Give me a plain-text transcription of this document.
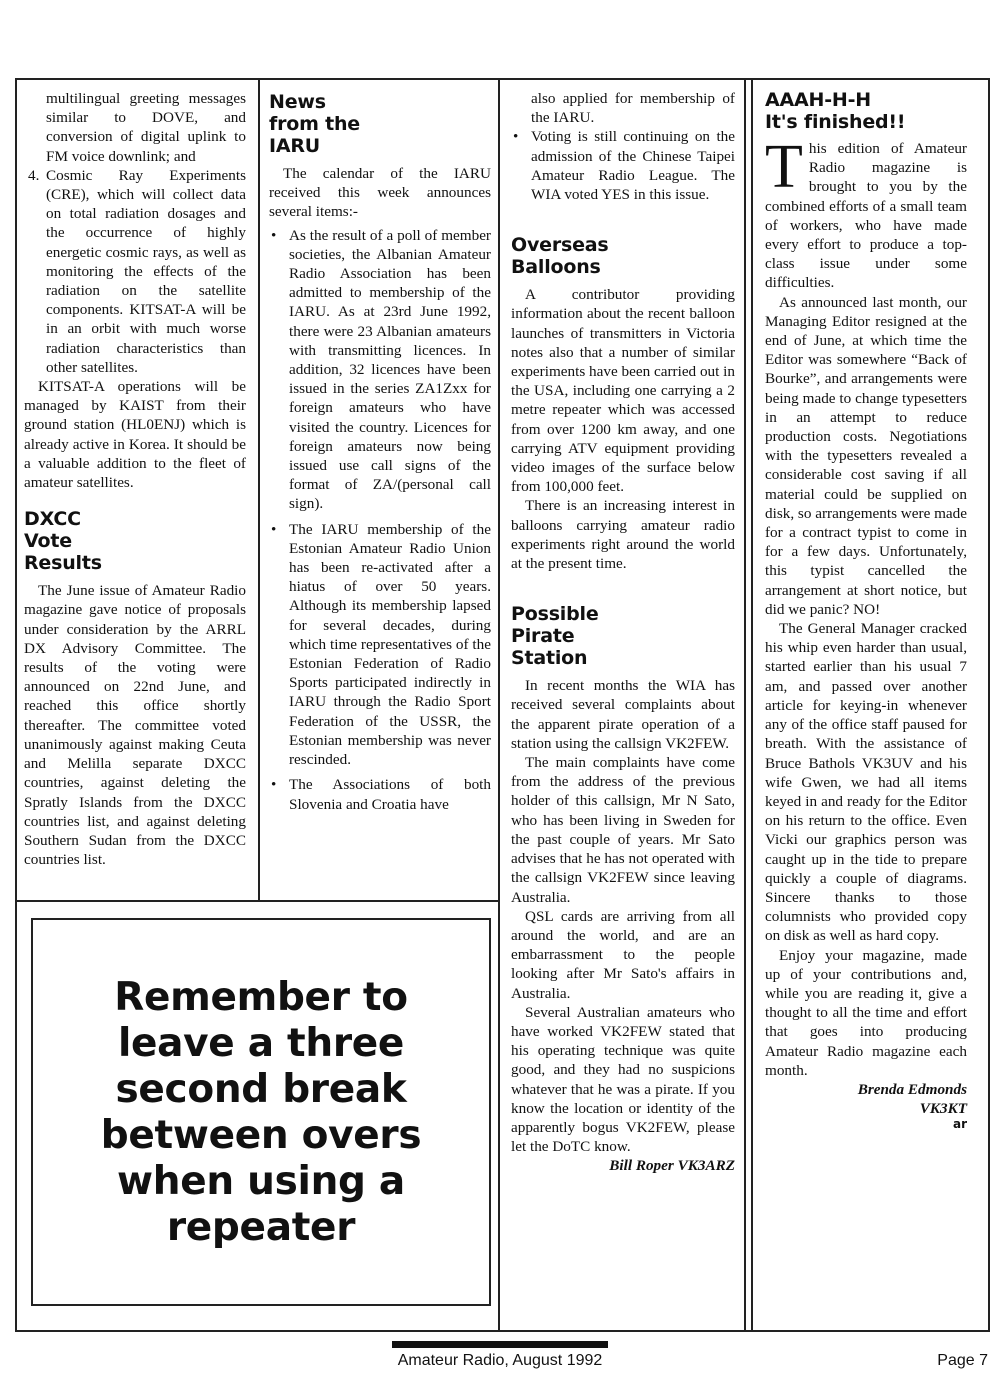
multilingual greeting messages similar to DOVE, and conversion of digital uplink to FM voice downlink; and

4. Cosmic Ray Experiments (CRE), which will collect data on total radiation dosages and the occurrence of highly energetic cosmic rays, as well as monitoring the effects of the radiation on the satellite components. KITSAT-A will be in an orbit with much worse radiation characteristics than other satellites.

KITSAT-A operations will be managed by KAIST from their ground station (HL0ENJ) which is already active in Korea. It should be a valuable addition to the fleet of amateur satellites.

DXCC
Vote
Results

The June issue of Amateur Radio magazine gave notice of proposals under consideration by the ARRL DX Advisory Committee. The results of the voting were announced on 22nd June, and reached this office shortly thereafter. The committee voted unanimously against making Ceuta and Melilla separate DXCC countries, against deleting the Spratly Islands from the DXCC countries list, and against deleting Southern Sudan from the DXCC countries list.

News
from the
IARU

The calendar of the IARU received this week announces several items:-

• As the result of a poll of member societies, the Albanian Amateur Radio Association has been admitted to membership of the IARU. As at 23rd June 1992, there were 23 Albanian amateurs with transmitting licences. In addition, 32 licences have been issued in the series ZA1Zxx for foreign amateurs who have visited the country. Licences for foreign amateurs now being issued use call signs of the format of ZA/(personal call sign).
• The IARU membership of the Estonian Amateur Radio Union has been re-activated after a hiatus of over 50 years. Although its membership lapsed for several decades, during which time representatives of the Estonian Federation of Radio Sports participated indirectly in IARU through the Radio Sport Federation of the USSR, the Estonian membership was never rescinded.
• The Associations of both Slovenia and Croatia have

also applied for membership of the IARU.

• Voting is still continuing on the admission of the Chinese Taipei Amateur Radio League. The WIA voted YES in this issue.
Overseas
Balloons

A contributor providing information about the recent balloon launches of transmitters in Victoria notes also that a number of similar experiments have been carried out in the USA, including one carrying a 2 metre repeater which was accessed from over 1200 km away, and one carrying ATV equipment providing video images of the surface below from 100,000 feet.

There is an increasing interest in balloons carrying amateur radio experiments right around the world at the present time.

Possible
Pirate
Station

In recent months the WIA has received several complaints about the apparent pirate operation of a station using the callsign VK2FEW.

The main complaints have come from the address of the previous holder of this callsign, Mr N Sato, who has been living in Sweden for the past couple of years. Mr Sato advises that he has not operated with the callsign VK2FEW since leaving Australia.

QSL cards are arriving from all around the world, and are an embarrassment to the people looking after Mr Sato's affairs in Australia.

Several Australian amateurs who have worked VK2FEW stated that his operating technique was quite good, and they had no suspicions whatever that he was a pirate. If you know the location or identity of the apparently bogus VK2FEW, please let the DoTC know.

Bill Roper VK3ARZ

AAAH-H-H
It's finished!!

T his edition of Amateur Radio magazine is brought to you by the combined efforts of a small team of workers, who have made every effort to produce a top-class issue under some difficulties.

As announced last month, our Managing Editor resigned at the end of June, at which time the Editor was somewhere “Back of Bourke”, and arrangements were being made to change typesetters in an attempt to reduce production costs. Negotiations with the typesetters revealed a considerable cost saving if all material could be supplied on disk, so arrangements were made for a contract typist to come in for a few days. Unfortunately, this typist cancelled the arrangement at short notice, but did we panic? NO!

The General Manager cracked his whip even harder than usual, started earlier than his usual 7 am, and passed over another article for keying-in whenever any of the office staff paused for breath. With the assistance of Bruce Bathols VK3UV and his wife Gwen, we had all items keyed in and ready for the Editor on his return to the office. Even Vicki our graphics person was caught up in the tide to prepare quickly a couple of diagrams. Sincere thanks to those columnists who provided copy on disk as well as hard copy.

Enjoy your magazine, made up of your contributions and, while you are reading it, give a thought to all the time and effort that goes into producing Amateur Radio magazine each month.

Brenda Edmonds

VK3KT

ar

Remember to
leave a three
second break
between overs
when using a
repeater
Amateur Radio, August 1992	Page 7
